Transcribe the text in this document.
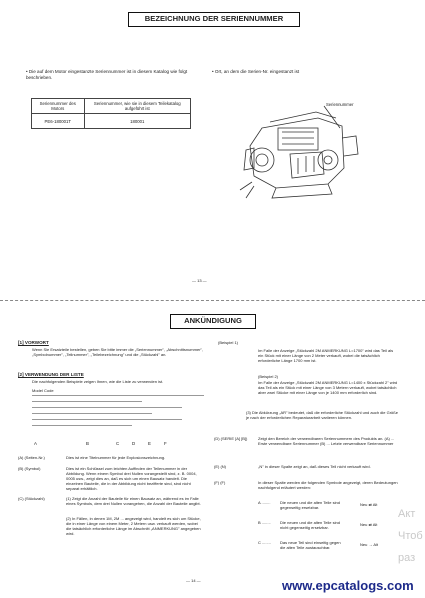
BEZEICHNUNG DER SERIENNUMMER
• Die auf dem Motor eingestanzte Seriennummer ist in diesem Katalog wie folgt beschrieben.
• Ort, an dem die Serien-Nr. eingestanzt ist
Seriennummer des Motors	Seriennummer, wie sie in diesem Teilekatalog aufgeführt ist
PE6-180001T	180001
Seriennummer
— 13 —
ANKÜNDIGUNG
[1] VORWORT
Wenn Sie Ersatzteile bestellen, geben Sie bitte immer die „Seriennummer", „Abschnittsnummer", „Symbolnummer", „Teilnummer", „Teilebezeichnung" und die „Stückzahl" an.
[2] VERWENDUNG DER LISTE
Die nachfolgenden Beispiele zeigen Ihnen, wie die Liste zu verwenden ist.
Model Code
A	B	C	D	E	F
(A) (Seiten-Nr.)	Dies ist eine Titelnummer für jede Explosionszeichnung.
(B) (Symbol)	Dies ist ein Schlüssel zum leichten Auffinden der Teilenummer in der Abbildung. Wenn einem Symbol drei Nullen vorangestellt sind, z. B. 0004, 0005 usw., zeigt dies an, daß es sich um einen Bausatz handelt. Die einzelnen Bauteile, die in der Abbildung nicht bezifferte sind, sind nicht separat erhältlich.
(C) (Stückzahl)	(1) Zeigt die Anzahl der Bauteile für einen Bausatz an, während es im Falle eines Symbols, dem drei Nullen vorangehen, die Anzahl der Bauteile angibt.
(2) In Fällen, in denen 1M, 2M ... angezeigt wird, handelt es sich um Stücke, die in einer Länge von einem Meter, 2 Metern usw. verkauft werden, wobei die tatsächlich erforderliche Länge im Abschnitt „ANMERKUNG" angegeben wird.
(Beispiel 1)
Im Falle der Anzeige „Stückzahl 2M ANMERKUNG L=1700" wird das Teil als ein Stück mit einer Länge von 2 Meter verkauft, wobei die tatsächlich erforderliche Länge 1700 mm ist.
(Beispiel 2)
Im Falle der Anzeige „Stückzahl 2M ANMERKUNG L=1400 x Stückzahl 2" wird das Teil als ein Stück mit einer Länge von 3 Metern verkauft, wobei tatsächlich aber zwei Stücke mit einer Länge von je 1400 mm erforderlich sind.
(3) Die Abkürzung „AR" bedeutet, daß die erforderliche Stückzahl und auch die Größe je nach der erforderlichen Reparaturarbeit variieren können.
(D) (SERIE [A] [B])	Zeigt den Bereich der verwendbaren Seriennummern des Produkts an. (A) ... Erste verwendbare Seriennummer (B) ... Letzte verwendbare Seriennummer
(E) (N)	„N" in dieser Spalte zeigt an, daß dieses Teil nicht verkauft wird.
(F) (F)	In dieser Spalte werden die folgenden Symbole angezeigt, deren Bedeutungen nachfolgend erläutert werden:
A ........ Die neuen und die alten Teile sind gegenseitig ersetzbar.
Neu ⇄ Alt
B ........ Die neuen und die alten Teile sind nicht gegenseitig ersetzbar.
Neu ⇄ Alt
C ........ Das neue Teil sind einseitig gegen die alten Teile austauschbar.
Neu → Alt
Акт
Чтоб
раз
— 14 —	www.epcatalogs.com
